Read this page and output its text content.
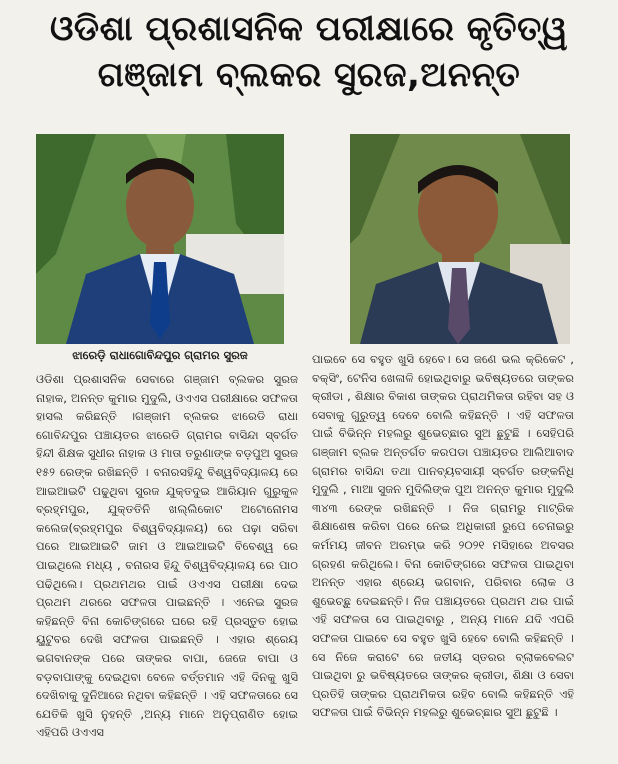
ଓଡିଶା ପ୍ରଶାସନିକ ପରୀକ୍ଷାରେ କୃତିତ୍ୱ
ଗଞ୍ଜାମ ବ୍ଲକର ସୁରଜ,ଅନନ୍ତ
ଝାରେଡ଼ି ରାଧାଗୋବିନ୍ଦପୁର ଗ୍ରାମର ସୁରଜ

ଓଡିଶା ପ୍ରଶାସନିକ ସେବାରେ ଗଞ୍ଜାମ ବ୍ଲକର ସୁରଜ ନାହାକ, ଅନନ୍ତ କୁମାର ମୁଦୁଲି, ଓଏଏସ ପରୀକ୍ଷାରେ ସଫଳତା ହାସଲ କରିଛନ୍ତି ।ଗଞ୍ଜାମ ବ୍ଲକର ଝାରେଡି ରାଧା ଗୋବିନ୍ଦପୁର ପଞ୍ଚାୟତର ଝାରେଡି ଗ୍ରାମର ବାସିନ୍ଦା ସ୍ବର୍ଗତ ହିନ୍ଦୀ ଶିକ୍ଷକ ସୁଧୀର ନାହାକ ଓ ମାତା ତରୁଣାଙ୍କ ବଡ଼ପୁଅ ସୁରଜ ୧୫୨ ରେଙ୍କ ରଖିଛନ୍ତି । ବନାରସହିନ୍ଦୁ ବିଶ୍ୱବିଦ୍ୟାଳୟ ରେ ଆଇଆଇଟି ପଢୁଥିବା ସୁରଜ ଯୁକ୍ତଦୁଇ ଆରିୟାନ ଗୁରୁକୁଳ ବ୍ରହ୍ମପୁର, ଯୁକ୍ତତିନି ଖଲ୍ଲିକୋଟ ଅଟୋନୋମସ କଲେଜ(ବ୍ରହ୍ମପୁର ବିଶ୍ୱବିଦ୍ୟାଳୟ) ରେ ପଢ଼ା ସରିବା ପରେ ଆଇଆଇଟି ଜାମ ଓ ଆଇଆଇଟି ବିବେଶ୍ୱ ରେ ପାଇଥିଲେ ମଧ୍ୟ , ବନାରସ ହିନ୍ଦୁ ବିଶ୍ୱବିଦ୍ୟାଳୟ ରେ ପାଠ ପଢିଥିଲେ। ପ୍ରଥମଥର ପାଇଁ ଓଏଏସ ପରୀକ୍ଷା ଦେଇ ପ୍ରଥମ ଥରରେ ସଫଳତା ପାଇଛନ୍ତି । ଏନେଇ ସୁରଜ କହିଛନ୍ତି ବିନା କୋଚିଙ୍ଗରେ ଘରେ ରହି ପ୍ରସ୍ତୁତ ହୋଇ ୟୁଟୁବର ଦେଖି ସଫଳତା ପାଇଛନ୍ତି । ଏହାର ଶ୍ରେୟ ଭଗବାନଙ୍କ ପରେ ତାଙ୍କର ବାପା, ଜେଜେ ବାପା ଓ ବଡ଼ବାପାଙ୍କୁ ଦେଇଥିବା ବେଳେ ବର୍ତ୍ତମାନ ଏହି ଦିନକୁ ଖୁସି ଦେଖିବାକୁ ଦୁନିଆରେ ନଥିବା କହିଛନ୍ତି । ଏହି ସଫଳତାରେ ସେ ଯେତିକି ଖୁସି ନୁହନ୍ତି ,ଅନ୍ୟ ମାନେ ଅନୁପ୍ରାଣିତ ହୋଇ ଏହିପରି ଓଏଏସ

ପାଇବେ ସେ ବହୁତ ଖୁସି ହେବେ। ସେ ଜଣେ ଭଲ କ୍ରିକେଟ , ବକ୍ସିଂ, ଟେନିସ ଖେଳାଳି ହୋଇଥିବାରୁ ଭବିଷ୍ୟତରେ ତାଙ୍କର କ୍ରୀଡା , ଶିକ୍ଷାର ବିକାଶ ତାଙ୍କର ପ୍ରାଥମିକତା ରହିବା ସହ ଓ ସେବାକୁ ଗୁରୁତ୍ୱ ଦେବେ ବୋଲି କହିଛନ୍ତି । ଏହି ସଫଳତା ପାଇଁ ବିଭିନ୍ନ ମହଲରୁ ଶୁଭେଚ୍ଛାର ସୁଅ ଛୁଟୁଛି । ସେହିପରି ଗଞ୍ଜାମ ବ୍ଲକ ଅନ୍ତର୍ଗତ କରପଡା ପଞ୍ଚାୟତର ଆଲିଆବାଦ ଗ୍ରାମର ବାସିନ୍ଦା ତଥା ପାନବ୍ୟବସାୟୀ ସ୍ବର୍ଗତ ରଙ୍କନିଧି ମୁଦୁଲି , ମାଆ ସୁଜନ ମୁଦିଲିଙ୍କ ପୁଅ ଅନନ୍ତ କୁମାର ମୁଦୁଲି ୩୪୩ ରେଙ୍କ ରଖିଛନ୍ତି । ନିଜ ଗ୍ରାମରୁ ମାଟ୍ରିକ ଶିକ୍ଷାଶେଷ କରିବା ପରେ ନେଇ ଅଧିକାରୀ ରୁପେ ଚେନାଇରୁ କର୍ମମୟ ଜୀବନ ଅରମ୍ଭ କରି ୨୦୨୧ ମସିହାରେ ଅବସର ଗ୍ରହଣ କରିଥିଲେ। ବିନା କୋଚିଙ୍ଗରେ ସଫଳତା ପାଇଥିବା ଅନନ୍ତ ଏହାର ଶ୍ରେୟ ଭଗବାନ, ପରିବାର ଲୋକ ଓ ଶୁଭେଚ୍ଛୁ ଦେଇଛନ୍ତି। ନିଜ ପଞ୍ଚାୟତରେ ପ୍ରଥମ ଥର ପାଇଁ ଏହି ସଫଳତା ସେ ପାଇଥିବାରୁ , ଅନ୍ୟ ମାନେ ଯଦି ଏପରି ସଫଳତା ପାଇବେ ସେ ବହୁତ ଖୁସି ହେବେ ବୋଲି କହିଛନ୍ତି । ସେ ନିଜେ କରାଟେ ରେ ଜତୀୟ ସ୍ତରର ବ୍ଲାକବେଲଟ ପାଇଥିବା ରୁ ଭବିଷ୍ୟତରେ ତାଙ୍କର କ୍ରୀଡା, ଶିକ୍ଷା ଓ ସେବା ପ୍ରତିହି ତାଙ୍କର ପ୍ରାଥମିକତା ରହିବ ବୋଲି କହିଛନ୍ତି ଏହି ସଫଳତା ପାଇଁ ବିଭିନ୍ନ ମହଲରୁ ଶୁଭେଚ୍ଛାର ସୁଅ ଛୁଟୁଛି ।
